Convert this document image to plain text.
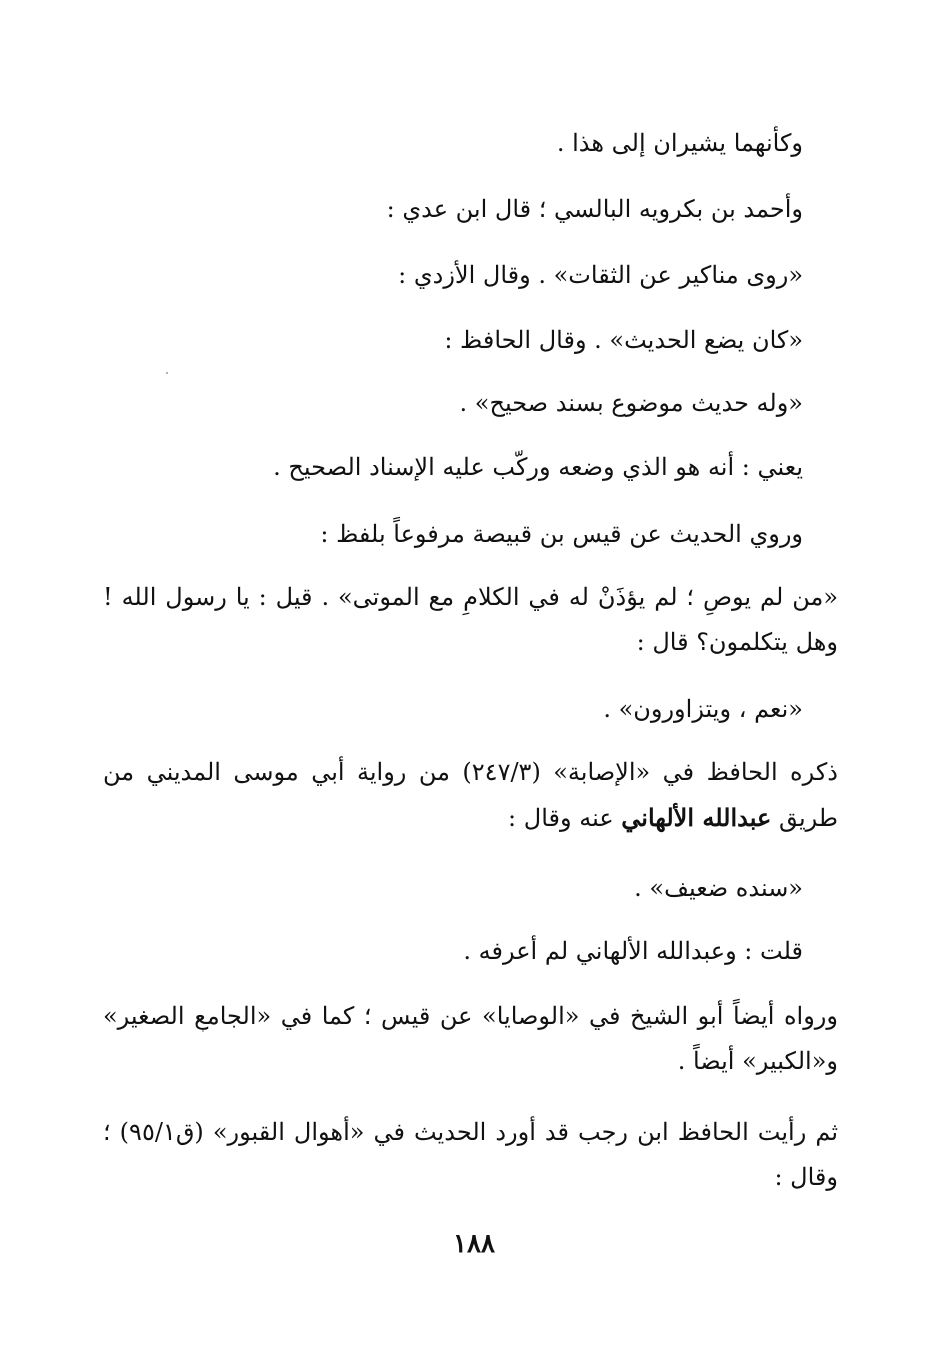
وكأنهما يشيران إلى هذا .
وأحمد بن بكرويه البالسي ؛ قال ابن عدي :
«روى مناكير عن الثقات» . وقال الأزدي :
«كان يضع الحديث» . وقال الحافظ :
«وله حديث موضوع بسند صحيح» .
يعني : أنه هو الذي وضعه وركّب عليه الإسناد الصحيح .
وروي الحديث عن قيس بن قبيصة مرفوعاً بلفظ :
«من لم يوصِ ؛ لم يؤذَنْ له في الكلامِ مع الموتى» . قيل : يا رسول الله ! وهل يتكلمون؟ قال :
«نعم ، ويتزاورون» .
ذكره الحافظ في «الإصابة» (٢٤٧/٣) من رواية أبي موسى المديني من طريق عبدالله الألهاني عنه وقال :
«سنده ضعيف» .
قلت : وعبدالله الألهاني لم أعرفه .
ورواه أيضاً أبو الشيخ في «الوصايا» عن قيس ؛ كما في «الجامع الصغير» و«الكبير» أيضاً .
ثم رأيت الحافظ ابن رجب قد أورد الحديث في «أهوال القبور» (ق٩٥/١) ؛ وقال :
١٨٨
